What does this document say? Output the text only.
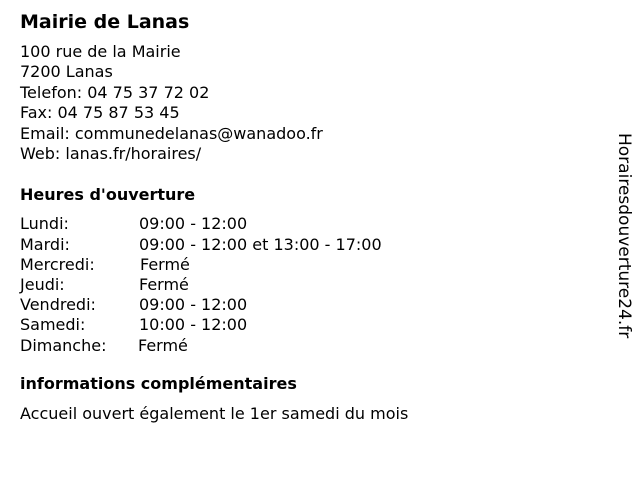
Mairie de Lanas
100 rue de la Mairie
7200 Lanas
Telefon: 04 75 37 72 02
Fax: 04 75 87 53 45
Email: communedelanas@wanadoo.fr
Web: lanas.fr/horaires/
Heures d'ouverture
Lundi:	09:00 - 12:00
Mardi:	09:00 - 12:00 et 13:00 - 17:00
Mercredi:	Fermé
Jeudi:	Fermé
Vendredi:	09:00 - 12:00
Samedi:	10:00 - 12:00
Dimanche:	Fermé
informations complémentaires
Accueil ouvert également le 1er samedi du mois
Horairesdouverture24.fr
